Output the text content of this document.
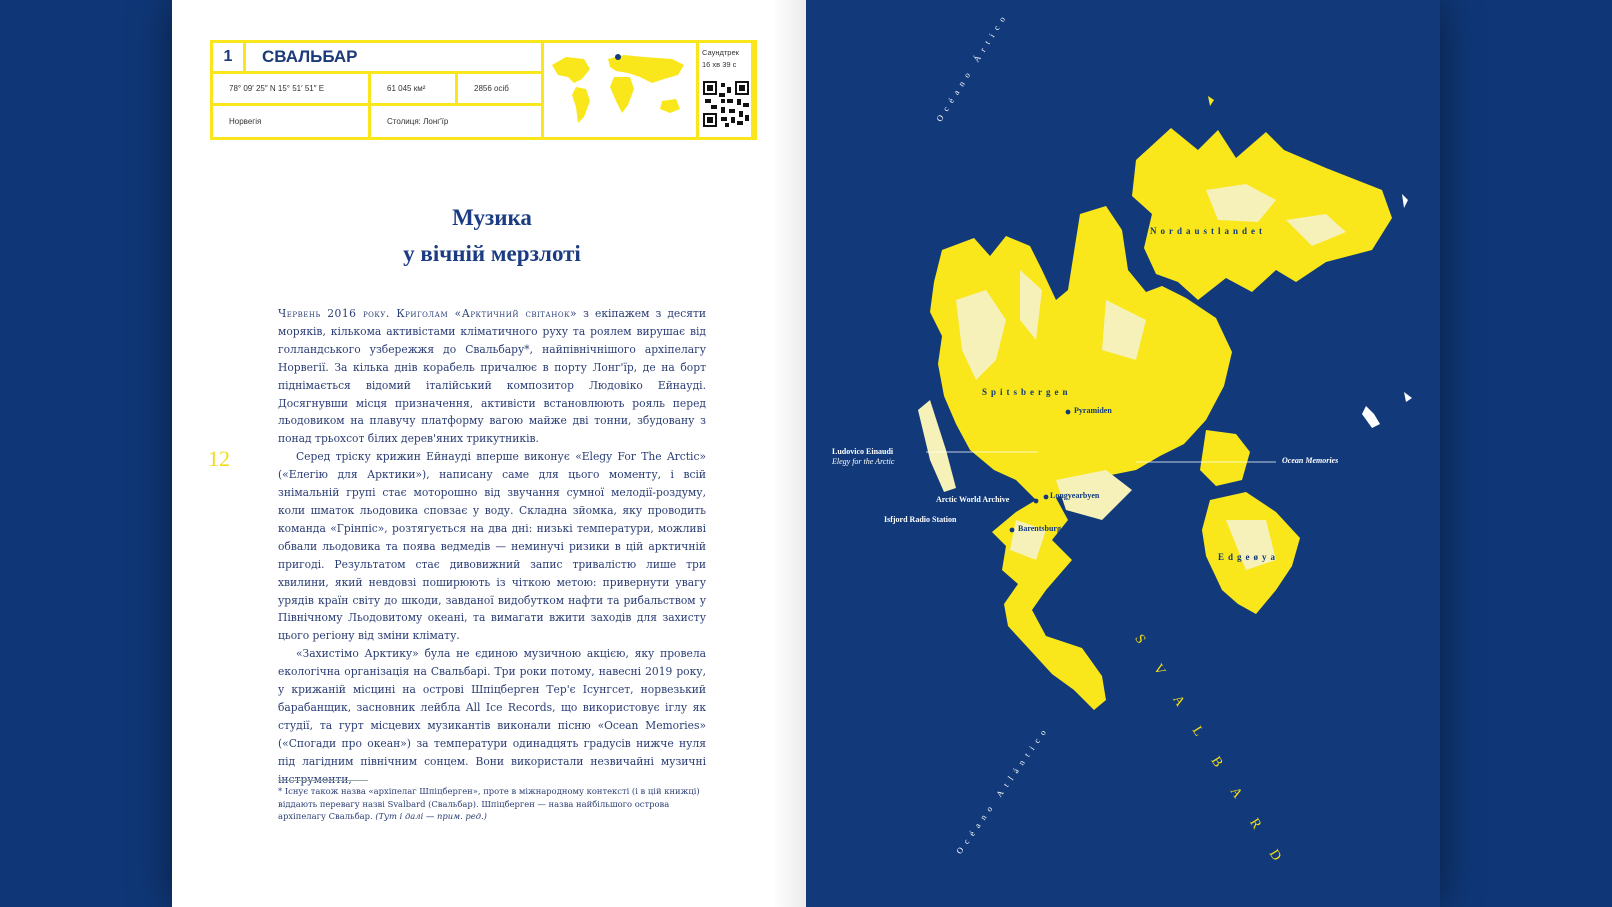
1	СВАЛЬБАР
78° 09′ 25″ N 15° 51′ 51″ E	61 045 км²	2856 осіб
Норвегія	Столиця: Лонг'їр
Саундтрек
16 хв 39 с
Музика
у вічній мерзлоті
12

Червень 2016 року. Криголам «Арктичний світанок» з екіпажем з десяти моряків, кількома активістами кліматичного руху та роялем вирушає від голландського узбережжя до Свальбару*, найпівнічнішого архіпелагу Норвегії. За кілька днів корабель причалює в порту Лонг'їр, де на борт піднімається відомий італійський композитор Людовіко Ейнауді. Досягнувши місця призначення, активісти встановлюють рояль перед льодовиком на плавучу платформу вагою майже дві тонни, збудовану з понад трьохсот білих дерев'яних трикутників.

Серед тріску крижин Ейнауді вперше виконує «Elegy For The Arctic» («Елегію для Арктики»), написану саме для цього моменту, і всій знімальній групі стає моторошно від звучання сумної мелодії-роздуму, коли шматок льодовика сповзає у воду. Складна зйомка, яку проводить команда «Грінпіс», розтягується на два дні: низькі температури, можливі обвали льодовика та поява ведмедів — неминучі ризики в цій арктичній пригоді. Результатом стає дивовижний запис тривалістю лише три хвилини, який невдовзі поширюють із чіткою метою: привернути увагу урядів країн світу до шкоди, завданої видобутком нафти та рибальством у Північному Льодовитому океані, та вимагати вжити заходів для захисту цього регіону від зміни клімату.

«Захистімо Арктику» була не єдиною музичною акцією, яку провела екологічна організація на Свальбарі. Три роки потому, навесні 2019 року, у крижаній місцині на острові Шпіцберген Тер'є Ісунгсет, норвезький барабанщик, засновник лейбла All Ice Records, що використовує іглу як студії, та гурт місцевих музикантів виконали пісню «Ocean Memories» («Спогади про океан») за температури одинадцять градусів нижче нуля під лагідним північним сонцем. Вони використали незвичайні музичні інструменти,

* Існує також назва «архіпелаг Шпіцберген», проте в міжнародному контексті (і в цій книжці) віддають перевагу назві Svalbard (Свальбар). Шпіцберген — назва найбільшого острова архіпелагу Свальбар. (Тут і далі — прим. ред.)
Océano Ártico
Océano Atlántico	S V A L B A R D
Nordaustlandet
Spitsbergen
Edgeøya
Pyramiden
Longyearbyen
Barentsburg	Sveagruva
Arctic World Archive
Isfjord Radio Station
Ludovico Einaudi
Elegy for the Arctic	Ocean Memories
